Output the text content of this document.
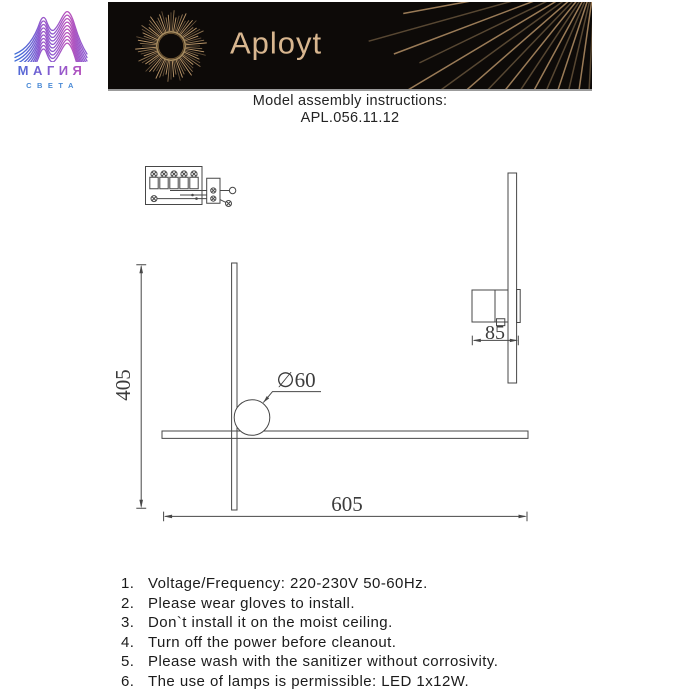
МАГИЯ
СВЕТА
Aployt
Model assembly instructions:
APL.056.11.12
∅60
405
605
85
1. Voltage/Frequency: 220-230V 50-60Hz.
2. Please wear gloves to install.
3. Don`t install it on the moist ceiling.
4. Turn off the power before cleanout.
5. Please wash with the sanitizer without corrosivity.
6. The use of lamps is permissible: LED 1x12W.
